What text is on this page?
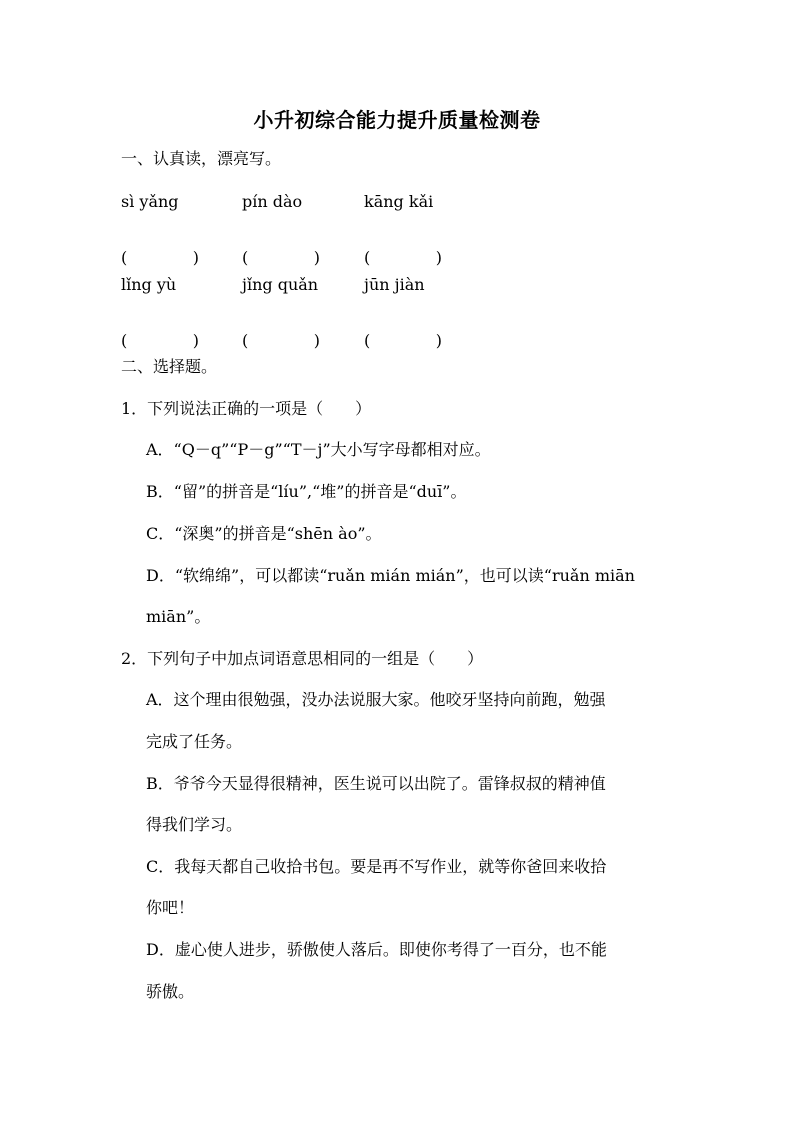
小升初综合能力提升质量检测卷
一、认真读，漂亮写。
sì yǎng	pín dào	kāng kǎi
(	)	(	)	(	)
lǐng yù	jǐng quǎn	jūn jiàn
(	)	(	)	(	)
二、选择题。
1．下列说法正确的一项是（　　）
A．“Q－q”“P－g”“T－j”大小写字母都相对应。
B．“留”的拼音是“líu”,“堆”的拼音是“duī”。
C．“深奥”的拼音是“shēn ào”。
D．“软绵绵”，可以都读“ruǎn mián mián”，也可以读“ruǎn miān
miān”。
2．下列句子中加点词语意思相同的一组是（　　）
A．这个理由很勉强，没办法说服大家。他咬牙坚持向前跑，勉强
完成了任务。
B．爷爷今天显得很精神，医生说可以出院了。雷锋叔叔的精神值
得我们学习。
C．我每天都自己收拾书包。要是再不写作业，就等你爸回来收拾
你吧！
D．虚心使人进步，骄傲使人落后。即使你考得了一百分，也不能
骄傲。
